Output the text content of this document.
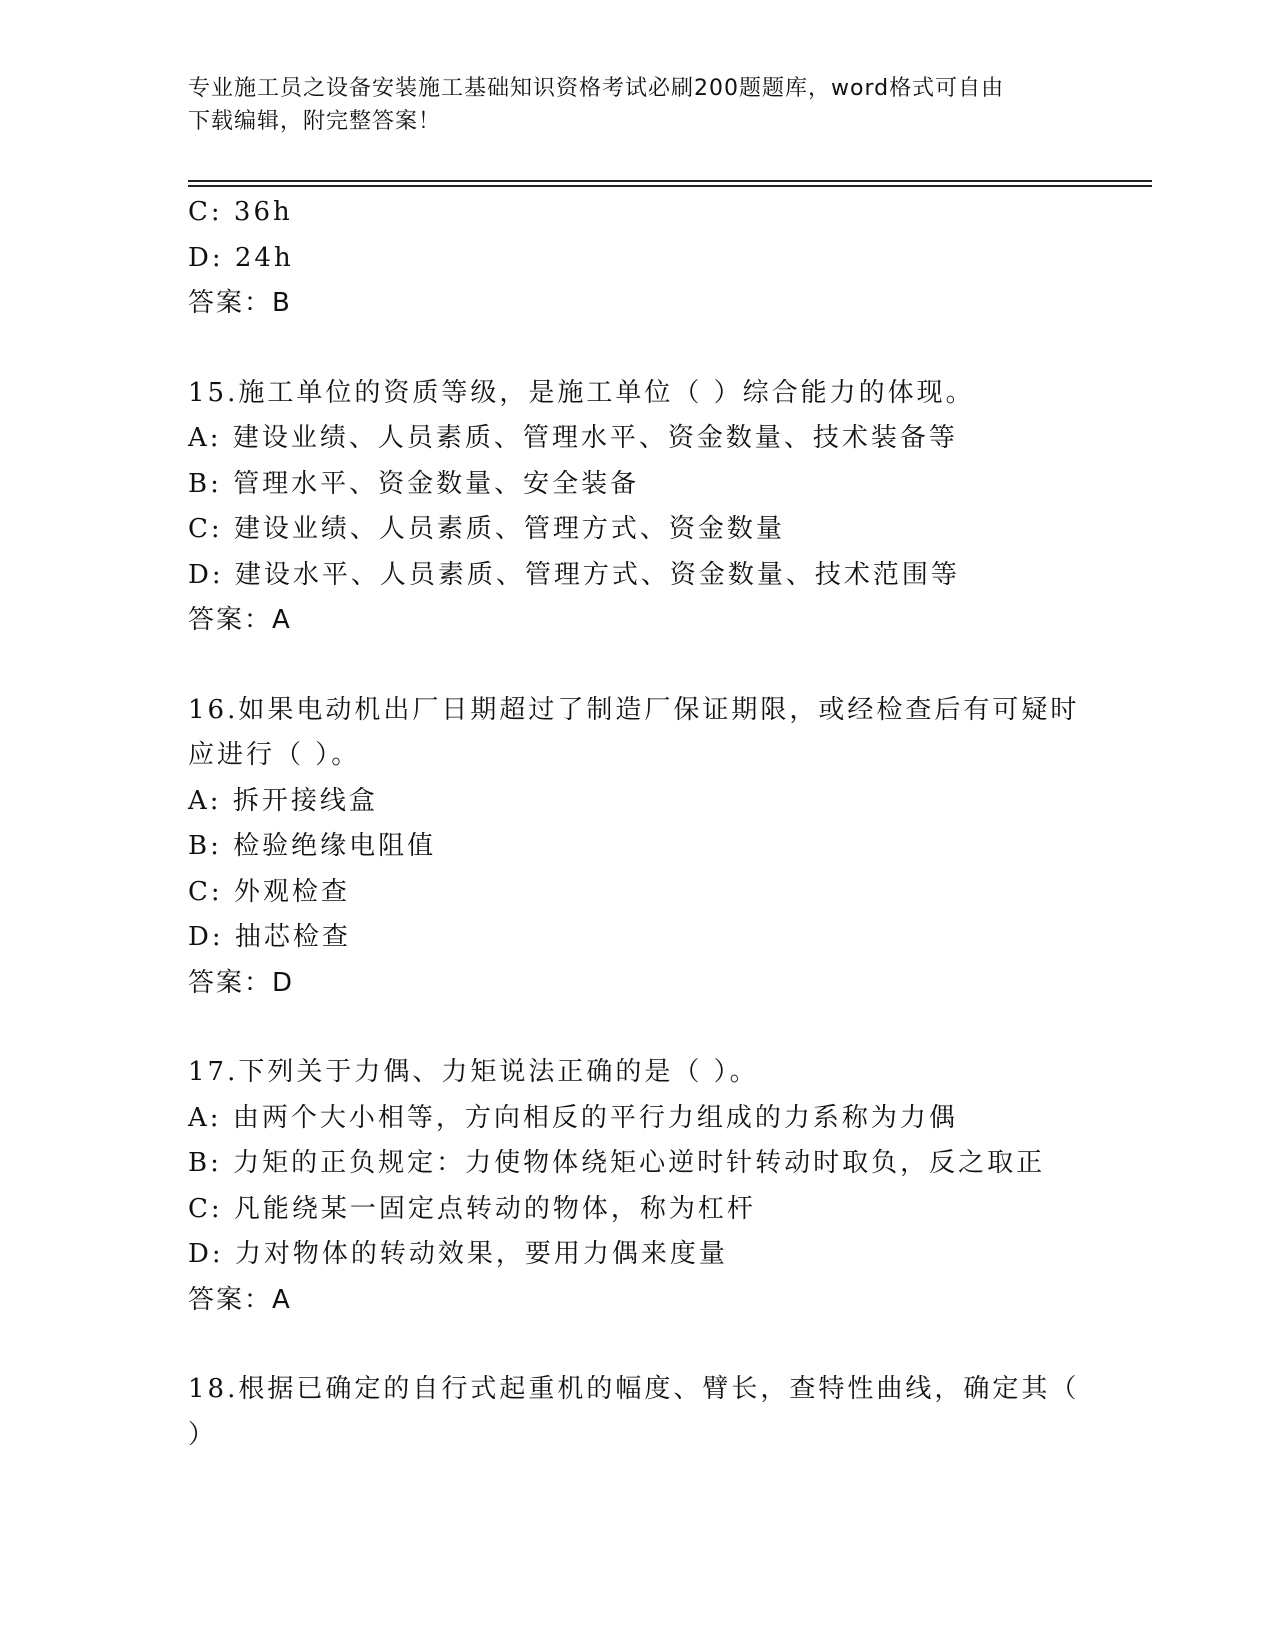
专业施工员之设备安装施工基础知识资格考试必刷200题题库，word格式可自由
下载编辑，附完整答案！
C: 36h
D: 24h
答案：B
15.施工单位的资质等级，是施工单位（ ）综合能力的体现。
A: 建设业绩、人员素质、管理水平、资金数量、技术装备等
B: 管理水平、资金数量、安全装备
C: 建设业绩、人员素质、管理方式、资金数量
D: 建设水平、人员素质、管理方式、资金数量、技术范围等
答案：A
16.如果电动机出厂日期超过了制造厂保证期限，或经检查后有可疑时
应进行（ ）。
A: 拆开接线盒
B: 检验绝缘电阻值
C: 外观检查
D: 抽芯检查
答案：D
17.下列关于力偶、力矩说法正确的是（ ）。
A: 由两个大小相等，方向相反的平行力组成的力系称为力偶
B: 力矩的正负规定：力使物体绕矩心逆时针转动时取负，反之取正
C: 凡能绕某一固定点转动的物体，称为杠杆
D: 力对物体的转动效果，要用力偶来度量
答案：A
18.根据已确定的自行式起重机的幅度、臂长，查特性曲线，确定其（
）
